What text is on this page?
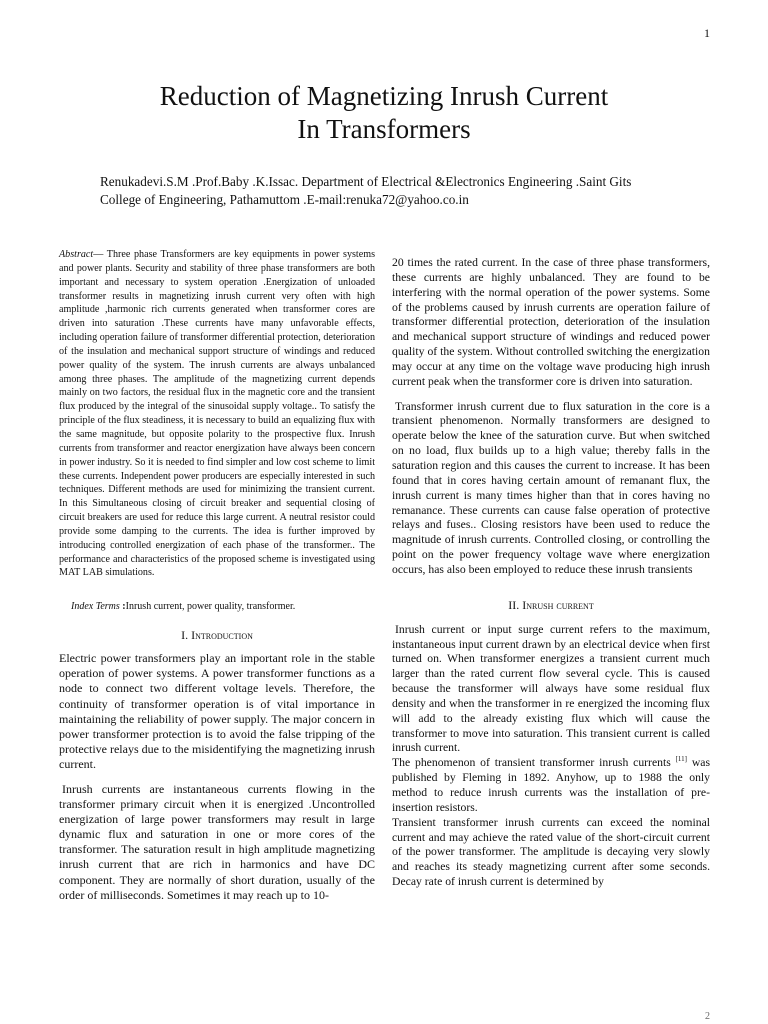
1
Reduction of Magnetizing Inrush Current
In Transformers
Renukadevi.S.M .Prof.Baby .K.Issac. Department of Electrical &Electronics Engineering .Saint Gits
College of Engineering, Pathamuttom .E-mail:renuka72@yahoo.co.in

Abstract— Three phase Transformers are key equipments in power systems and power plants. Security and stability of three phase transformers are both important and necessary to system operation .Energization of unloaded transformer results in magnetizing inrush current very often with high amplitude ,harmonic rich currents generated when transformer cores are driven into saturation .These currents have many unfavorable effects, including operation failure of transformer differential protection, deterioration of the insulation and mechanical support structure of windings and reduced power quality of the system. The inrush currents are always unbalanced among three phases. The amplitude of the magnetizing current depends mainly on two factors, the residual flux in the magnetic core and the transient flux produced by the integral of the sinusoidal supply voltage.. To satisfy the principle of the flux steadiness, it is necessary to build an equalizing flux with the same magnitude, but opposite polarity to the prospective flux. Inrush currents from transformer and reactor energization have always been concern in power industry. So it is needed to find simpler and low cost scheme to limit these currents. Independent power producers are especially interested in such techniques. Different methods are used for minimizing the transient current. In this Simultaneous closing of circuit breaker and sequential closing of circuit breakers are used for reduce this large current. A neutral resistor could provide some damping to the currents. The idea is further improved by introducing controlled energization of each phase of the transformer.. The performance and characteristics of the proposed scheme is investigated using MAT LAB simulations.

Index Terms :Inrush current, power quality, transformer.

I. Introduction

Electric power transformers play an important role in the stable operation of power systems. A power transformer functions as a node to connect two different voltage levels. Therefore, the continuity of transformer operation is of vital importance in maintaining the reliability of power supply. The major concern in power transformer protection is to avoid the false tripping of the protective relays due to the misidentifying the magnetizing inrush current.

Inrush currents are instantaneous currents flowing in the transformer primary circuit when it is energized .Uncontrolled energization of large power transformers may result in large dynamic flux and saturation in one or more cores of the transformer. The saturation result in high amplitude magnetizing inrush current that are rich in harmonics and have DC component. They are normally of short duration, usually of the order of milliseconds. Sometimes it may reach up to 10-

20 times the rated current. In the case of three phase transformers, these currents are highly unbalanced. They are found to be interfering with the normal operation of the power systems. Some of the problems caused by inrush currents are operation failure of transformer differential protection, deterioration of the insulation and mechanical support structure of windings and reduced power quality of the system. Without controlled switching the energization may occur at any time on the voltage wave producing high inrush current peak when the transformer core is driven into saturation.

Transformer inrush current due to flux saturation in the core is a transient phenomenon. Normally transformers are designed to operate below the knee of the saturation curve. But when switched on no load, flux builds up to a high value; thereby falls in the saturation region and this causes the current to increase. It has been found that in cores having certain amount of remanant flux, the inrush current is many times higher than that in cores having no remanance. These currents can cause false operation of protective relays and fuses.. Closing resistors have been used to reduce the magnitude of inrush currents. Controlled closing, or controlling the point on the power frequency voltage wave where energization occurs, has also been employed to reduce these inrush transients

II. Inrush current

Inrush current or input surge current refers to the maximum, instantaneous input current drawn by an electrical device when first turned on. When transformer energizes a transient current much larger than the rated current flow several cycle. This is caused because the transformer will always have some residual flux density and when the transformer in re energized the incoming flux will add to the already existing flux which will cause the transformer to move into saturation. This transient current is called inrush current.

The phenomenon of transient transformer inrush currents [11] was published by Fleming in 1892. Anyhow, up to 1988 the only method to reduce inrush currents was the installation of pre-insertion resistors.

Transient transformer inrush currents can exceed the nominal current and may achieve the rated value of the short-circuit current of the power transformer. The amplitude is decaying very slowly and reaches its steady magnetizing current after some seconds. Decay rate of inrush current is determined by

2
